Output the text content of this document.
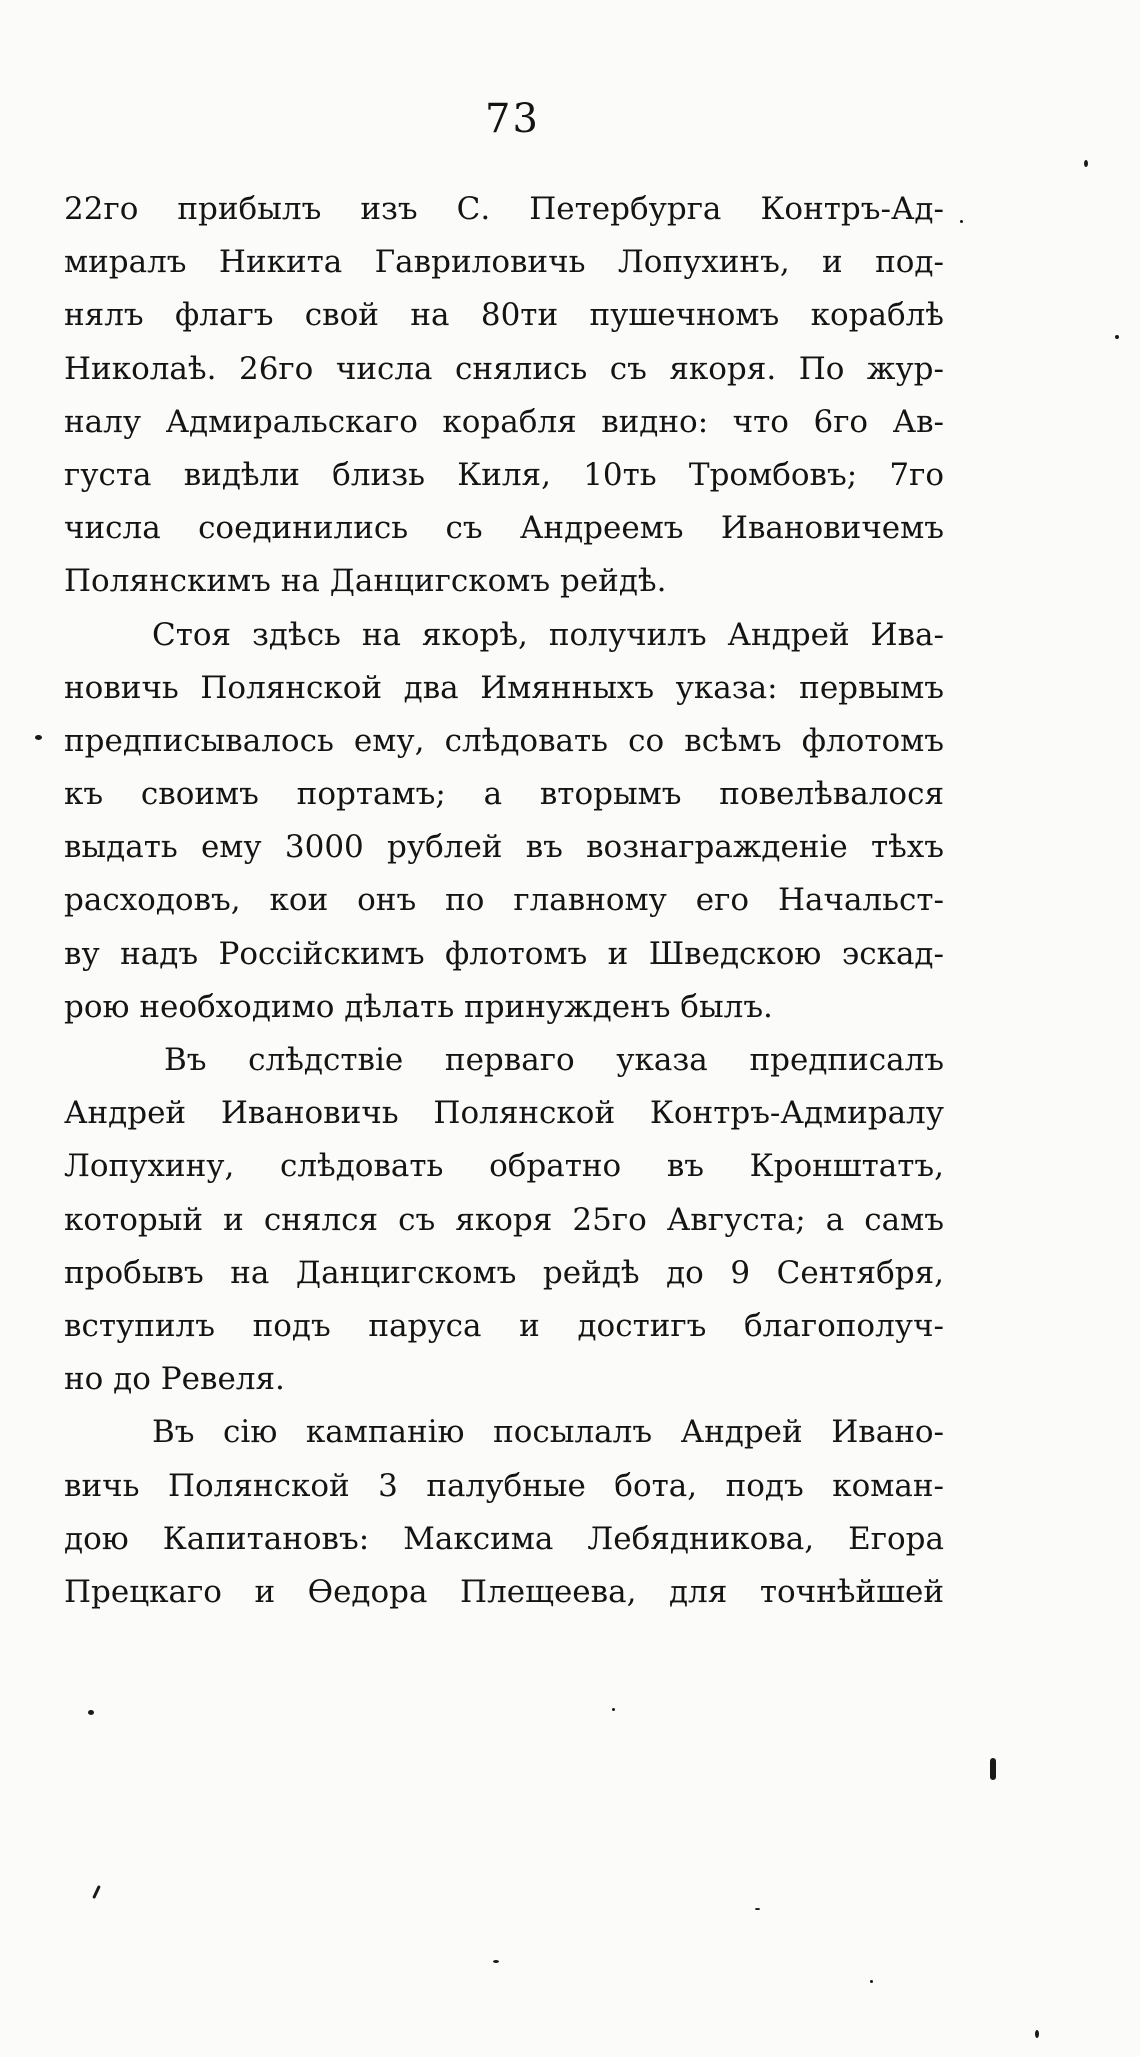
73
22го прибылъ изъ С. Петербурга Контръ-Ад-
миралъ Никита Гавриловичь Лопухинъ, и под-
нялъ флагъ свой на 80ти пушечномъ кораблѣ
Николаѣ. 26го числа снялись съ якоря. По жур-
налу Адмиральскаго корабля видно: что 6го Ав-
густа видѣли близь Киля, 10ть Тромбовъ; 7го
числа соединились съ Андреемъ Ивановичемъ
Полянскимъ на Данцигскомъ рейдѣ.
Стоя здѣсь на якорѣ, получилъ Андрей Ива-
новичь Полянской два Имянныхъ указа: первымъ
предписывалось ему, слѣдовать со всѣмъ флотомъ
къ своимъ портамъ; а вторымъ повелѣвалося
выдать ему 3000 рублей въ вознагражденіе тѣхъ
расходовъ, кои онъ по главному его Начальст-
ву надъ Россійскимъ флотомъ и Шведскою эскад-
рою необходимо дѣлать принужденъ былъ.
Въ слѣдствіе перваго указа предписалъ
Андрей Ивановичь Полянской Контръ-Адмиралу
Лопухину, слѣдовать обратно въ Кронштатъ,
который и снялся съ якоря 25го Августа; а самъ
пробывъ на Данцигскомъ рейдѣ до 9 Сентября,
вступилъ подъ паруса и достигъ благополуч-
но до Ревеля.
Въ сію кампанію посылалъ Андрей Ивано-
вичь Полянской 3 палубные бота, подъ коман-
дою Капитановъ: Максима Лебядникова, Егора
Прецкаго и Ѳедора Плещеева, для точнѣйшей
